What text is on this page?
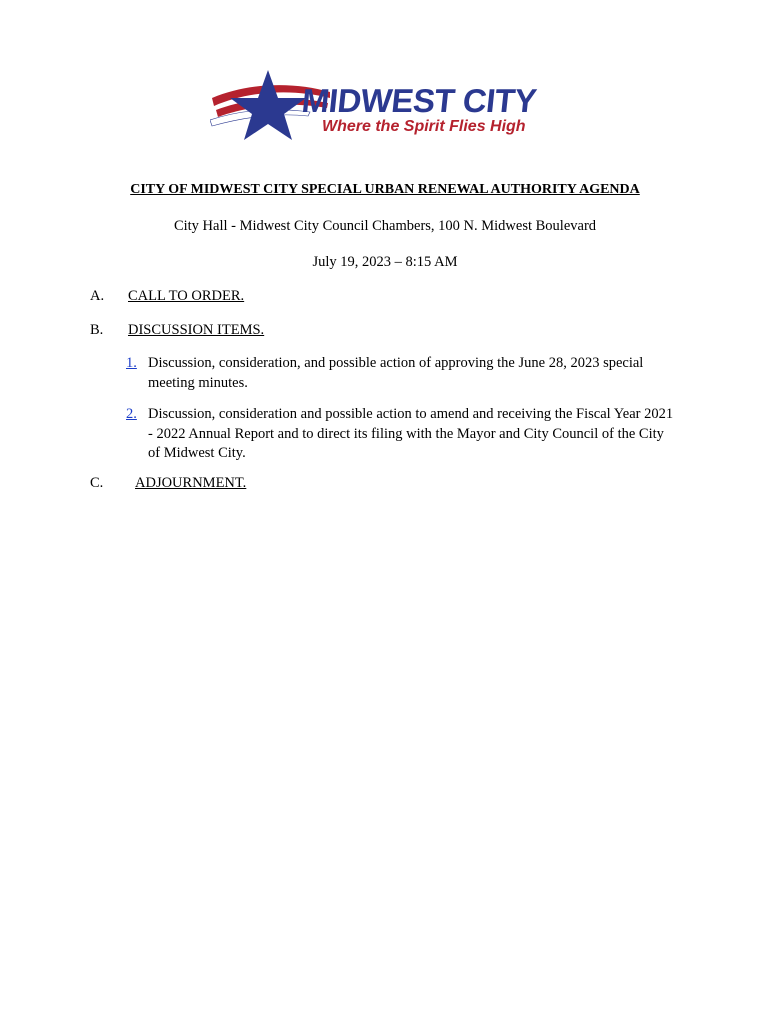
MIDWEST CITY
Where the Spirit Flies High
CITY OF MIDWEST CITY SPECIAL URBAN RENEWAL AUTHORITY AGENDA
City Hall - Midwest City Council Chambers, 100 N. Midwest Boulevard
July 19, 2023 – 8:15 AM
A. CALL TO ORDER.
B. DISCUSSION ITEMS.
1. Discussion, consideration, and possible action of approving the June 28, 2023 special meeting minutes.
2. Discussion, consideration and possible action to amend and receiving the Fiscal Year 2021 - 2022 Annual Report and to direct its filing with the Mayor and City Council of the City of Midwest City.
C. ADJOURNMENT.
